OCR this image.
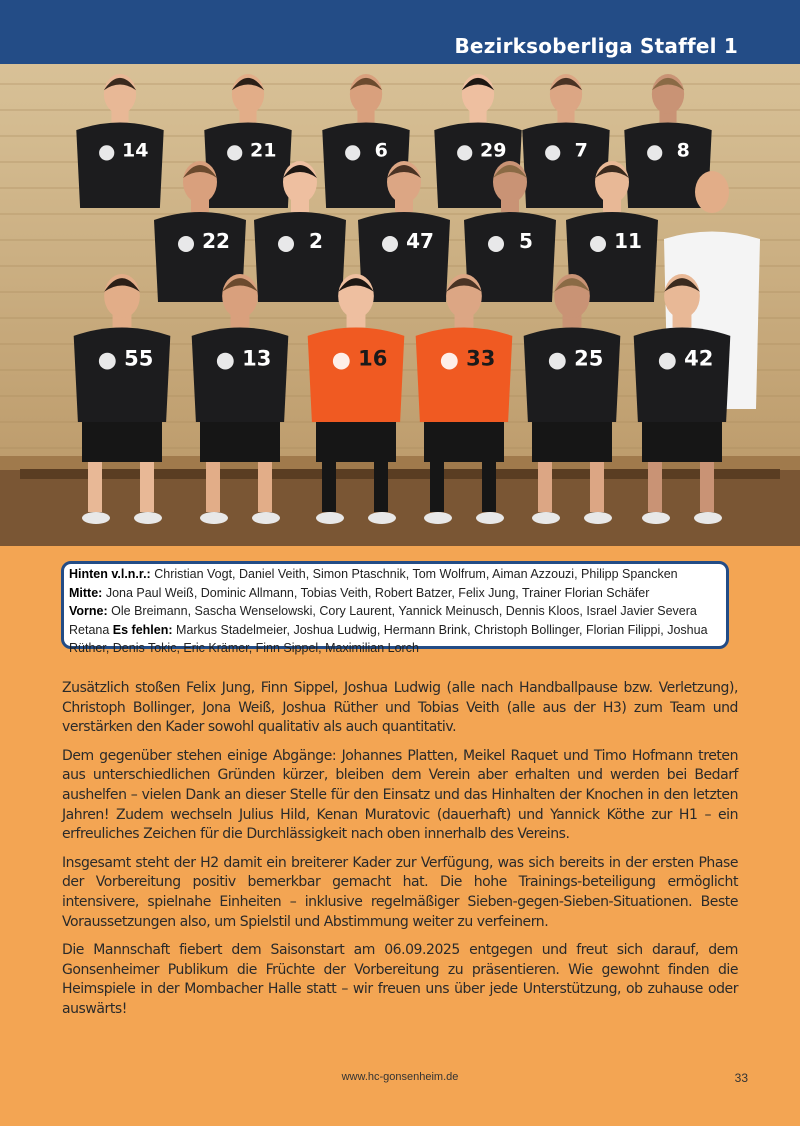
Bezirksoberliga Staffel 1
14	21	6	29	7	8
22	2	47	5	11
55	13	16	33	25	42
Hinten v.l.n.r.: Christian Vogt, Daniel Veith, Simon Ptaschnik, Tom Wolfrum, Aiman Azzouzi, Philipp Spancken
Mitte: Jona Paul Weiß, Dominic Allmann, Tobias Veith, Robert Batzer, Felix Jung, Trainer Florian Schäfer
Vorne: Ole Breimann, Sascha Wenselowski, Cory Laurent, Yannick Meinusch, Dennis Kloos, Israel Javier Severa Retana Es fehlen: Markus Stadelmeier, Joshua Ludwig, Hermann Brink, Christoph Bollinger, Florian Filippi, Joshua Rüther, Denis Tokic, Eric Krämer, Finn Sippel, Maximilian Lorch

Zusätzlich stoßen Felix Jung, Finn Sippel, Joshua Ludwig (alle nach Handballpause bzw. Verletzung), Christoph Bollinger, Jona Weiß, Joshua Rüther und Tobias Veith (alle aus der H3) zum Team und verstärken den Kader sowohl qualitativ als auch quantitativ.

Dem gegenüber stehen einige Abgänge: Johannes Platten, Meikel Raquet und Timo Hofmann treten aus unterschiedlichen Gründen kürzer, bleiben dem Verein aber erhalten und werden bei Bedarf aushelfen – vielen Dank an dieser Stelle für den Einsatz und das Hinhalten der Knochen in den letzten Jahren! Zudem wechseln Julius Hild, Kenan Muratovic (dauerhaft) und Yannick Köthe zur H1 – ein erfreuliches Zeichen für die Durchlässigkeit nach oben innerhalb des Vereins.

Insgesamt steht der H2 damit ein breiterer Kader zur Verfügung, was sich bereits in der ersten Phase der Vorbereitung positiv bemerkbar gemacht hat. Die hohe Trainings-beteiligung ermöglicht intensivere, spielnahe Einheiten – inklusive regelmäßiger Sieben-gegen-Sieben-Situationen. Beste Voraussetzungen also, um Spielstil und Abstimmung weiter zu verfeinern.

Die Mannschaft fiebert dem Saisonstart am 06.09.2025 entgegen und freut sich darauf, dem Gonsenheimer Publikum die Früchte der Vorbereitung zu präsentieren. Wie gewohnt finden die Heimspiele in der Mombacher Halle statt – wir freuen uns über jede Unterstützung, ob zuhause oder auswärts!

www.hc-gonsenheim.de	33
